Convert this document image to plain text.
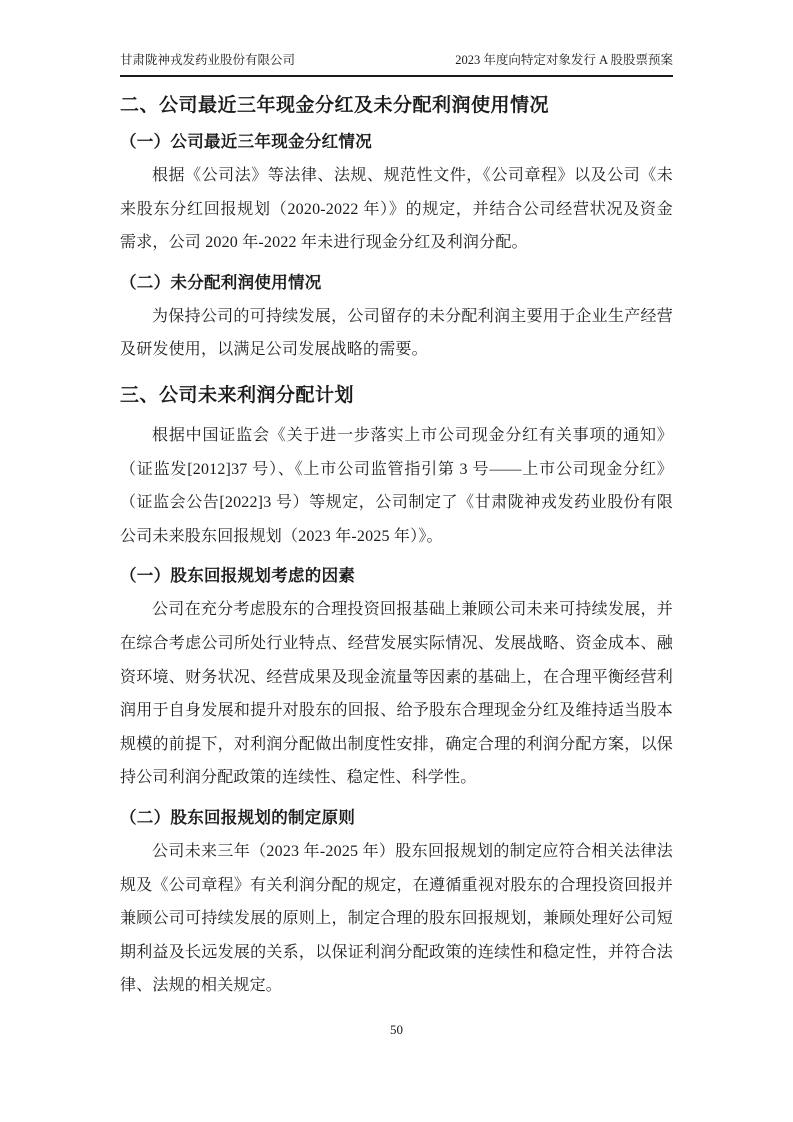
甘肃陇神戎发药业股份有限公司	2023 年度向特定对象发行 A 股股票预案
二、公司最近三年现金分红及未分配利润使用情况
（一）公司最近三年现金分红情况

根据《公司法》等法律、法规、规范性文件，《公司章程》以及公司《未来股东分红回报规划（2020-2022 年）》的规定，并结合公司经营状况及资金需求，公司 2020 年-2022 年未进行现金分红及利润分配。

（二）未分配利润使用情况

为保持公司的可持续发展，公司留存的未分配利润主要用于企业生产经营及研发使用，以满足公司发展战略的需要。

三、公司未来利润分配计划

根据中国证监会《关于进一步落实上市公司现金分红有关事项的通知》（证监发[2012]37 号）、《上市公司监管指引第 3 号——上市公司现金分红》（证监会公告[2022]3 号）等规定，公司制定了《甘肃陇神戎发药业股份有限公司未来股东回报规划（2023 年-2025 年）》。

（一）股东回报规划考虑的因素

公司在充分考虑股东的合理投资回报基础上兼顾公司未来可持续发展，并在综合考虑公司所处行业特点、经营发展实际情况、发展战略、资金成本、融资环境、财务状况、经营成果及现金流量等因素的基础上，在合理平衡经营利润用于自身发展和提升对股东的回报、给予股东合理现金分红及维持适当股本规模的前提下，对利润分配做出制度性安排，确定合理的利润分配方案，以保持公司利润分配政策的连续性、稳定性、科学性。

（二）股东回报规划的制定原则

公司未来三年（2023 年-2025 年）股东回报规划的制定应符合相关法律法规及《公司章程》有关利润分配的规定，在遵循重视对股东的合理投资回报并兼顾公司可持续发展的原则上，制定合理的股东回报规划，兼顾处理好公司短期利益及长远发展的关系，以保证利润分配政策的连续性和稳定性，并符合法律、法规的相关规定。

50
